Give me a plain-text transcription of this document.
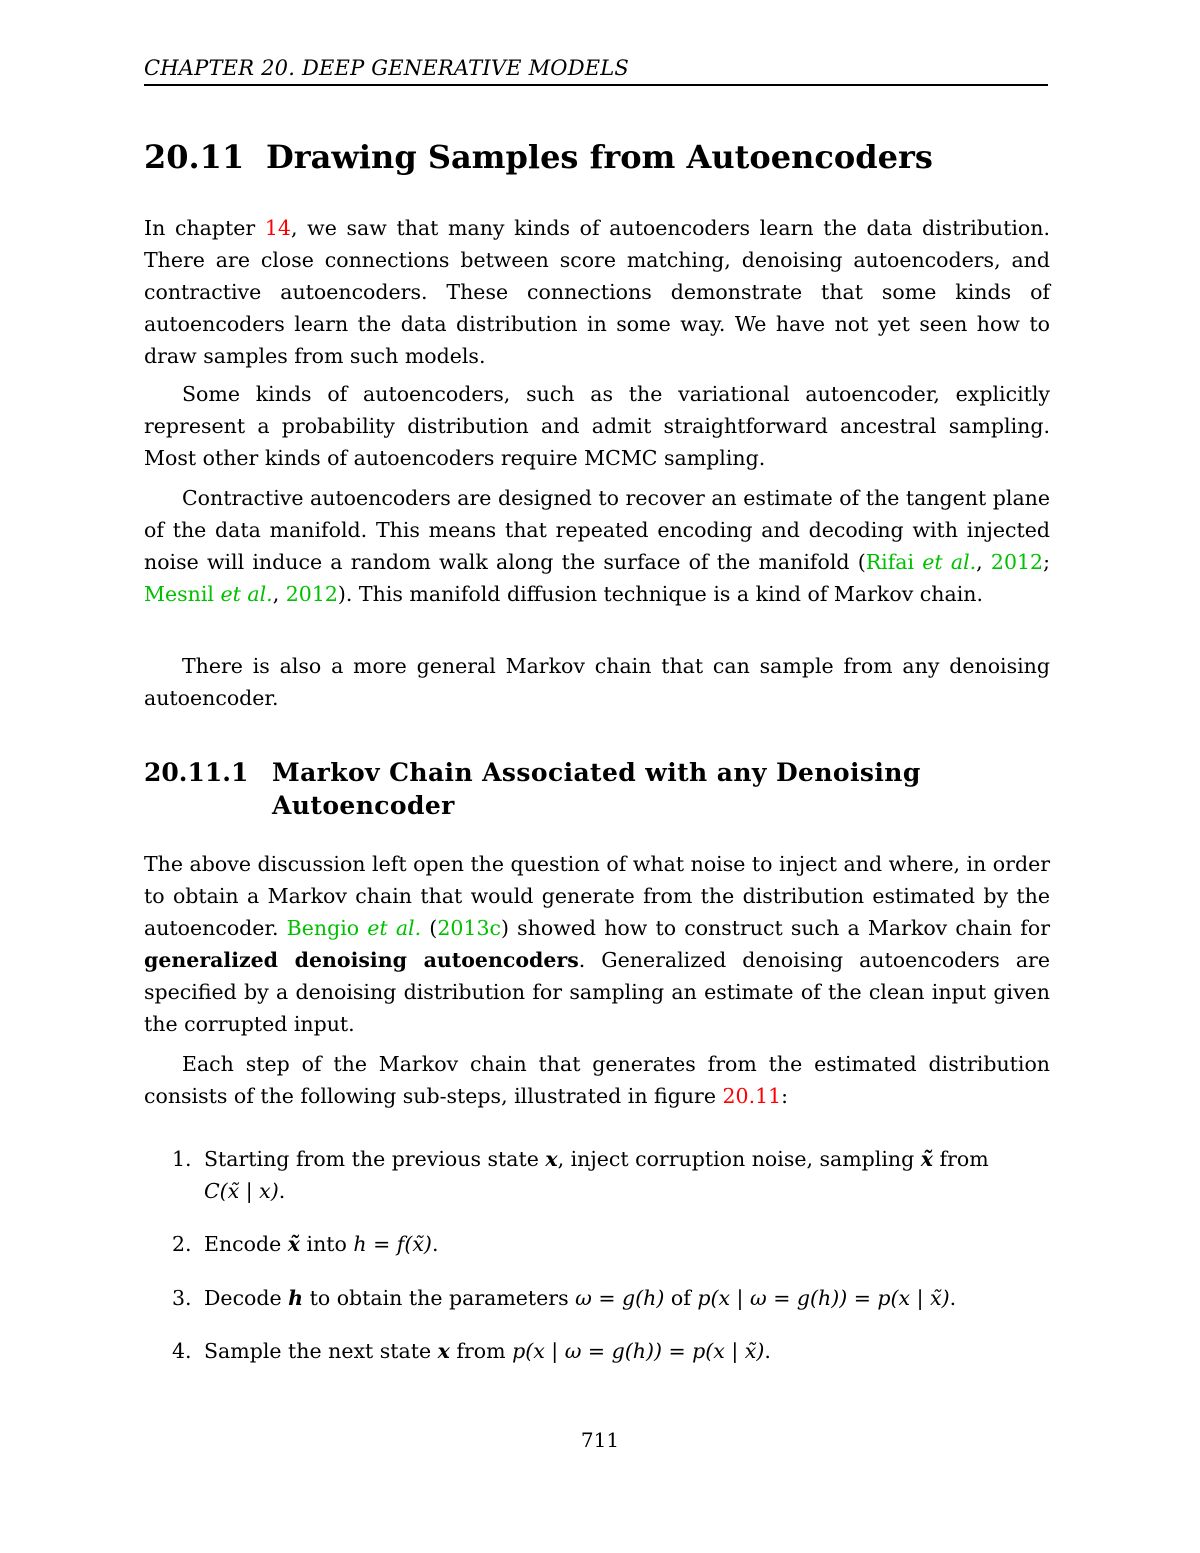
CHAPTER 20. DEEP GENERATIVE MODELS
20.11 Drawing Samples from Autoencoders
In chapter 14, we saw that many kinds of autoencoders learn the data distribution. There are close connections between score matching, denoising autoencoders, and contractive autoencoders. These connections demonstrate that some kinds of autoencoders learn the data distribution in some way. We have not yet seen how to draw samples from such models.
Some kinds of autoencoders, such as the variational autoencoder, explicitly represent a probability distribution and admit straightforward ancestral sampling. Most other kinds of autoencoders require MCMC sampling.
Contractive autoencoders are designed to recover an estimate of the tangent plane of the data manifold. This means that repeated encoding and decoding with injected noise will induce a random walk along the surface of the manifold (Rifai et al., 2012; Mesnil et al., 2012). This manifold diffusion technique is a kind of Markov chain.
There is also a more general Markov chain that can sample from any denoising autoencoder.
20.11.1 Markov Chain Associated with any Denoising Autoencoder
The above discussion left open the question of what noise to inject and where, in order to obtain a Markov chain that would generate from the distribution estimated by the autoencoder. Bengio et al. (2013c) showed how to construct such a Markov chain for generalized denoising autoencoders. Generalized denoising autoencoders are specified by a denoising distribution for sampling an estimate of the clean input given the corrupted input.
Each step of the Markov chain that generates from the estimated distribution consists of the following sub-steps, illustrated in figure 20.11:
1. Starting from the previous state x, inject corruption noise, sampling x̃ from
C(x̃ | x).
2. Encode x̃ into h = f(x̃).
3. Decode h to obtain the parameters ω = g(h) of p(x | ω = g(h)) = p(x | x̃).
4. Sample the next state x from p(x | ω = g(h)) = p(x | x̃).
711
